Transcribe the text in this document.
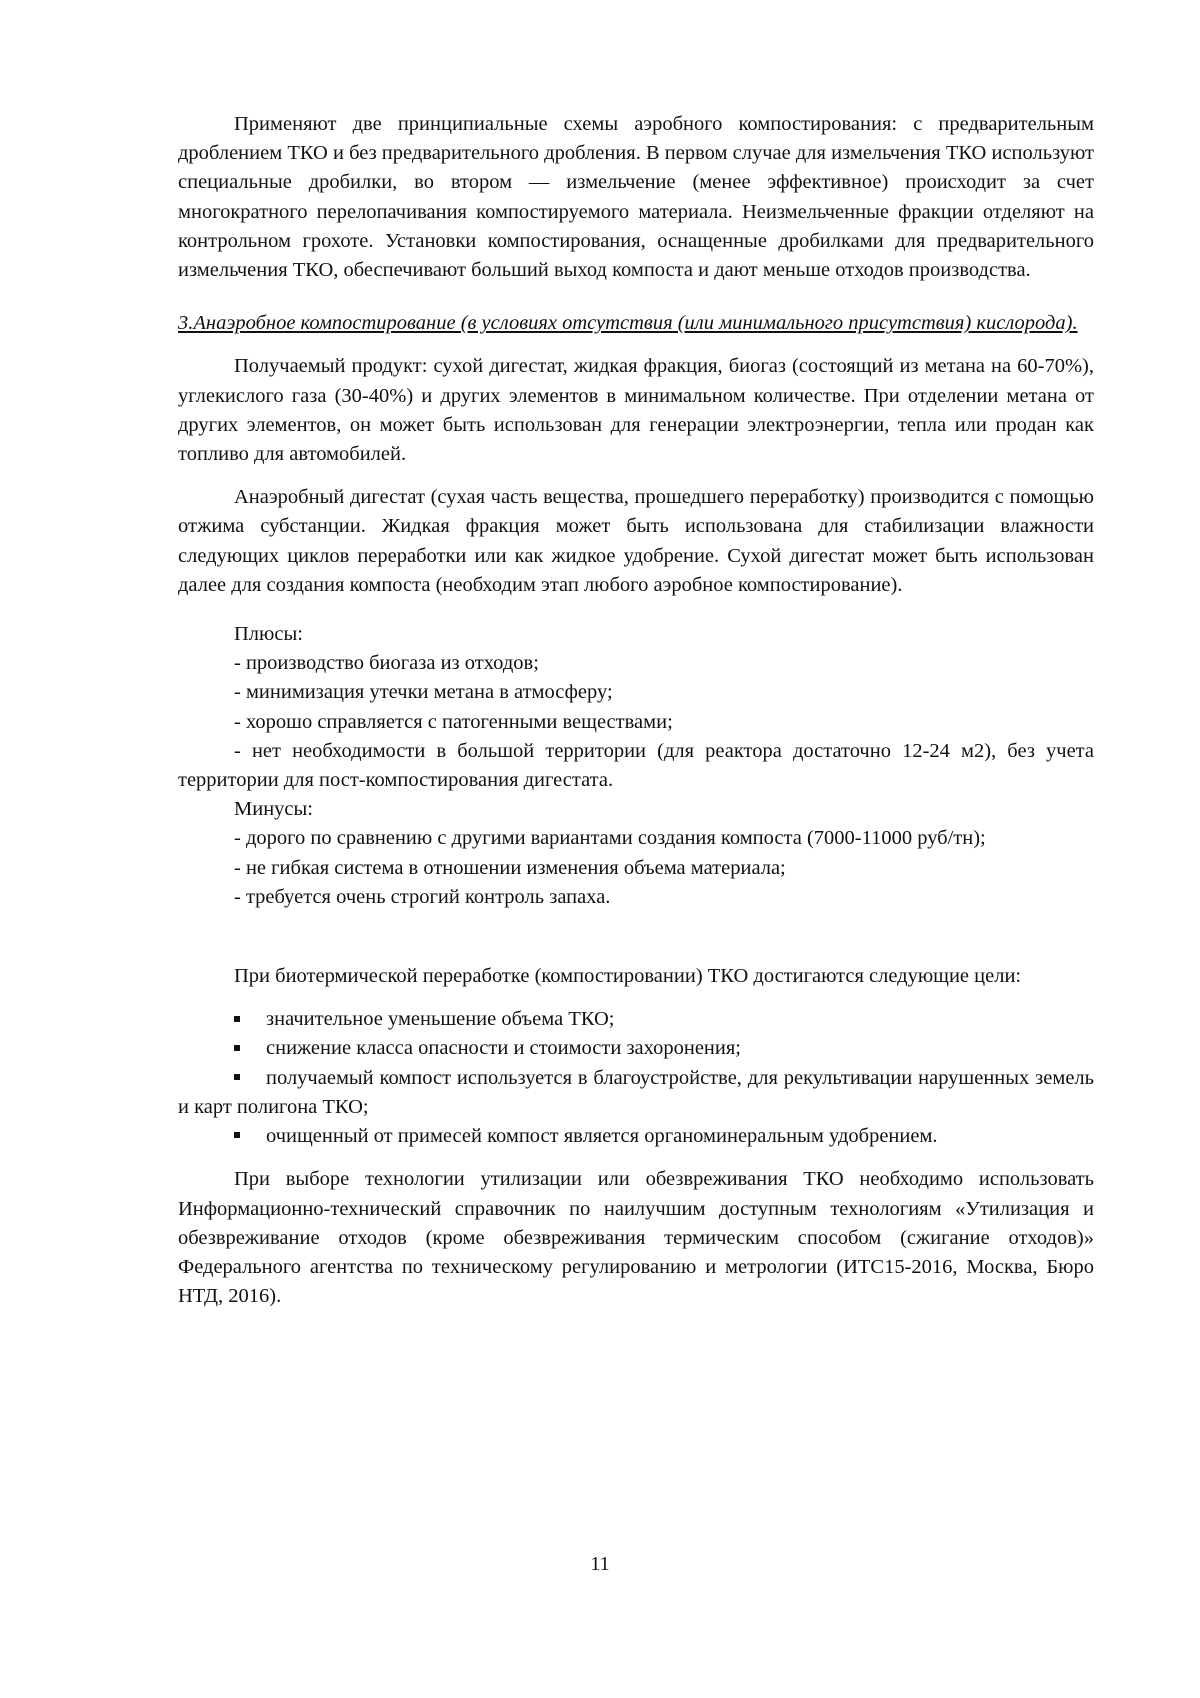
Применяют две принципиальные схемы аэробного компостирования: с предварительным дроблением ТКО и без предварительного дробления. В первом случае для измельчения ТКО используют специальные дробилки, во втором — измельчение (менее эффективное) происходит за счет многократного перелопачивания компостируемого материала. Неизмельченные фракции отделяют на контрольном грохоте. Установки компостирования, оснащенные дробилками для предварительного измельчения ТКО, обеспечивают больший выход компоста и дают меньше отходов производства.

3.Анаэробное компостирование (в условиях отсутствия (или минимального присутствия) кислорода).

Получаемый продукт: сухой дигестат, жидкая фракция, биогаз (состоящий из метана на 60-70%), углекислого газа (30-40%) и других элементов в минимальном количестве. При отделении метана от других элементов, он может быть использован для генерации электроэнергии, тепла или продан как топливо для автомобилей.

Анаэробный дигестат (сухая часть вещества, прошедшего переработку) производится с помощью отжима субстанции. Жидкая фракция может быть использована для стабилизации влажности следующих циклов переработки или как жидкое удобрение. Сухой дигестат может быть использован далее для создания компоста (необходим этап любого аэробное компостирование).

Плюсы:

- производство биогаза из отходов;

- минимизация утечки метана в атмосферу;

- хорошо справляется с патогенными веществами;

- нет необходимости в большой территории (для реактора достаточно 12-24 м2), без учета территории для пост-компостирования дигестата.

Минусы:

- дорого по сравнению с другими вариантами создания компоста (7000-11000 руб/тн);

- не гибкая система в отношении изменения объема материала;

- требуется очень строгий контроль запаха.

При биотермической переработке (компостировании) ТКО достигаются следующие цели:

значительное уменьшение объема ТКО;
снижение класса опасности и стоимости захоронения;
получаемый компост используется в благоустройстве, для рекультивации нарушенных земель и карт полигона ТКО;
очищенный от примесей компост является органоминеральным удобрением.

При выборе технологии утилизации или обезвреживания ТКО необходимо использовать Информационно-технический справочник по наилучшим доступным технологиям «Утилизация и обезвреживание отходов (кроме обезвреживания термическим способом (сжигание отходов)» Федерального агентства по техническому регулированию и метрологии (ИТС15-2016, Москва, Бюро НТД, 2016).

11
